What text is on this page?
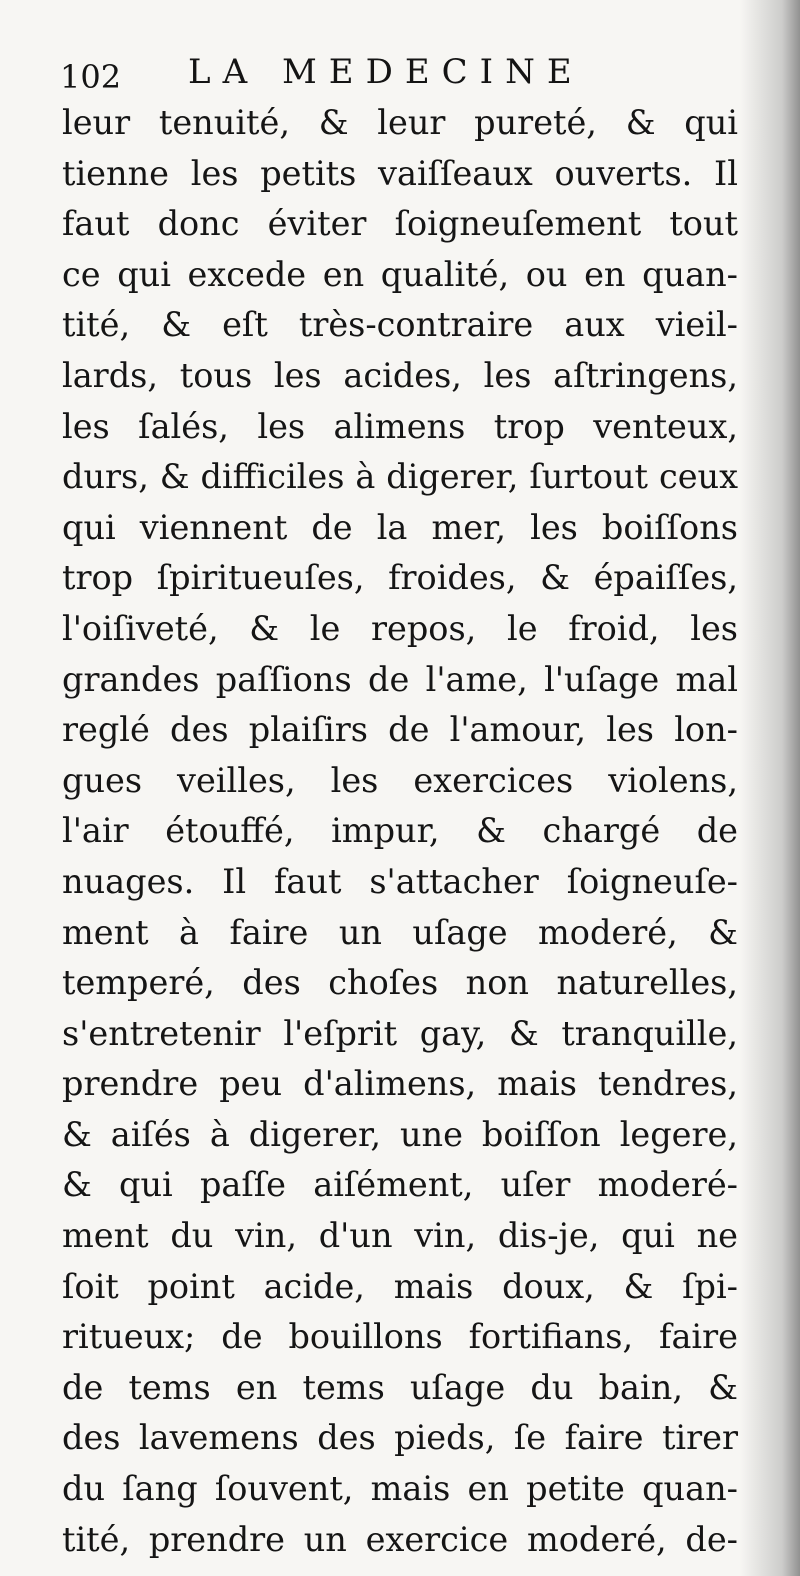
102 LA MEDECINE
leur tenuité, & leur pureté, & qui
tienne les petits vaiſſeaux ouverts. Il
faut donc éviter ſoigneuſement tout
ce qui excede en qualité, ou en quan-
tité, & eſt très-contraire aux vieil-
lards, tous les acides, les aſtringens,
les ſalés, les alimens trop venteux,
durs, & difficiles à digerer, ſurtout ceux
qui viennent de la mer, les boiſſons
trop ſpiritueuſes, froides, & épaiſſes,
l'oiſiveté, & le repos, le froid, les
grandes paſſions de l'ame, l'uſage mal
reglé des plaiſirs de l'amour, les lon-
gues veilles, les exercices violens,
l'air étouffé, impur, & chargé de
nuages. Il faut s'attacher ſoigneuſe-
ment à faire un uſage moderé, &
temperé, des choſes non naturelles,
s'entretenir l'eſprit gay, & tranquille,
prendre peu d'alimens, mais tendres,
& aiſés à digerer, une boiſſon legere,
& qui paſſe aiſément, uſer moderé-
ment du vin, d'un vin, dis-je, qui ne
ſoit point acide, mais doux, & ſpi-
ritueux; de bouillons fortifians, faire
de tems en tems uſage du bain, &
des lavemens des pieds, ſe faire tirer
du ſang ſouvent, mais en petite quan-
tité, prendre un exercice moderé, de-
